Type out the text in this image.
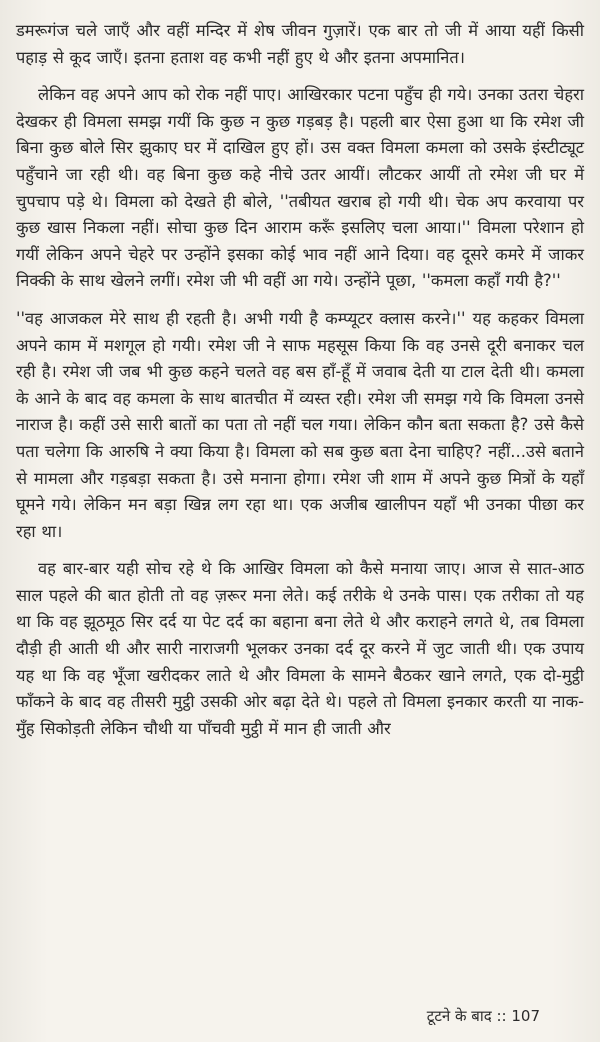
डमरूगंज चले जाएँ और वहीं मन्दिर में शेष जीवन गुज़ारें। एक बार तो जी में आया यहीं किसी पहाड़ से कूद जाएँ। इतना हताश वह कभी नहीं हुए थे और इतना अपमानित।

लेकिन वह अपने आप को रोक नहीं पाए। आखिरकार पटना पहुँच ही गये। उनका उतरा चेहरा देखकर ही विमला समझ गयीं कि कुछ न कुछ गड़बड़ है। पहली बार ऐसा हुआ था कि रमेश जी बिना कुछ बोले सिर झुकाए घर में दाखिल हुए हों। उस वक्त विमला कमला को उसके इंस्टीट्यूट पहुँचाने जा रही थी। वह बिना कुछ कहे नीचे उतर आयीं। लौटकर आयीं तो रमेश जी घर में चुपचाप पड़े थे। विमला को देखते ही बोले, ''तबीयत खराब हो गयी थी। चेक अप करवाया पर कुछ खास निकला नहीं। सोचा कुछ दिन आराम करूँ इसलिए चला आया।'' विमला परेशान हो गयीं लेकिन अपने चेहरे पर उन्होंने इसका कोई भाव नहीं आने दिया। वह दूसरे कमरे में जाकर निक्की के साथ खेलने लगीं। रमेश जी भी वहीं आ गये। उन्होंने पूछा, ''कमला कहाँ गयी है?''

''वह आजकल मेरे साथ ही रहती है। अभी गयी है कम्प्यूटर क्लास करने।'' यह कहकर विमला अपने काम में मशगूल हो गयी। रमेश जी ने साफ महसूस किया कि वह उनसे दूरी बनाकर चल रही है। रमेश जी जब भी कुछ कहने चलते वह बस हाँ-हूँ में जवाब देती या टाल देती थी। कमला के आने के बाद वह कमला के साथ बातचीत में व्यस्त रही। रमेश जी समझ गये कि विमला उनसे नाराज है। कहीं उसे सारी बातों का पता तो नहीं चल गया। लेकिन कौन बता सकता है? उसे कैसे पता चलेगा कि आरुषि ने क्या किया है। विमला को सब कुछ बता देना चाहिए? नहीं...उसे बताने से मामला और गड़बड़ा सकता है। उसे मनाना होगा। रमेश जी शाम में अपने कुछ मित्रों के यहाँ घूमने गये। लेकिन मन बड़ा खिन्न लग रहा था। एक अजीब खालीपन यहाँ भी उनका पीछा कर रहा था।

वह बार-बार यही सोच रहे थे कि आखिर विमला को कैसे मनाया जाए। आज से सात-आठ साल पहले की बात होती तो वह ज़रूर मना लेते। कई तरीके थे उनके पास। एक तरीका तो यह था कि वह झूठमूठ सिर दर्द या पेट दर्द का बहाना बना लेते थे और कराहने लगते थे, तब विमला दौड़ी ही आती थी और सारी नाराजगी भूलकर उनका दर्द दूर करने में जुट जाती थी। एक उपाय यह था कि वह भूँजा खरीदकर लाते थे और विमला के सामने बैठकर खाने लगते, एक दो-मुट्ठी फाँकने के बाद वह तीसरी मुट्ठी उसकी ओर बढ़ा देते थे। पहले तो विमला इनकार करती या नाक-मुँह सिकोड़ती लेकिन चौथी या पाँचवी मुट्ठी में मान ही जाती और

टूटने के बाद :: 107
